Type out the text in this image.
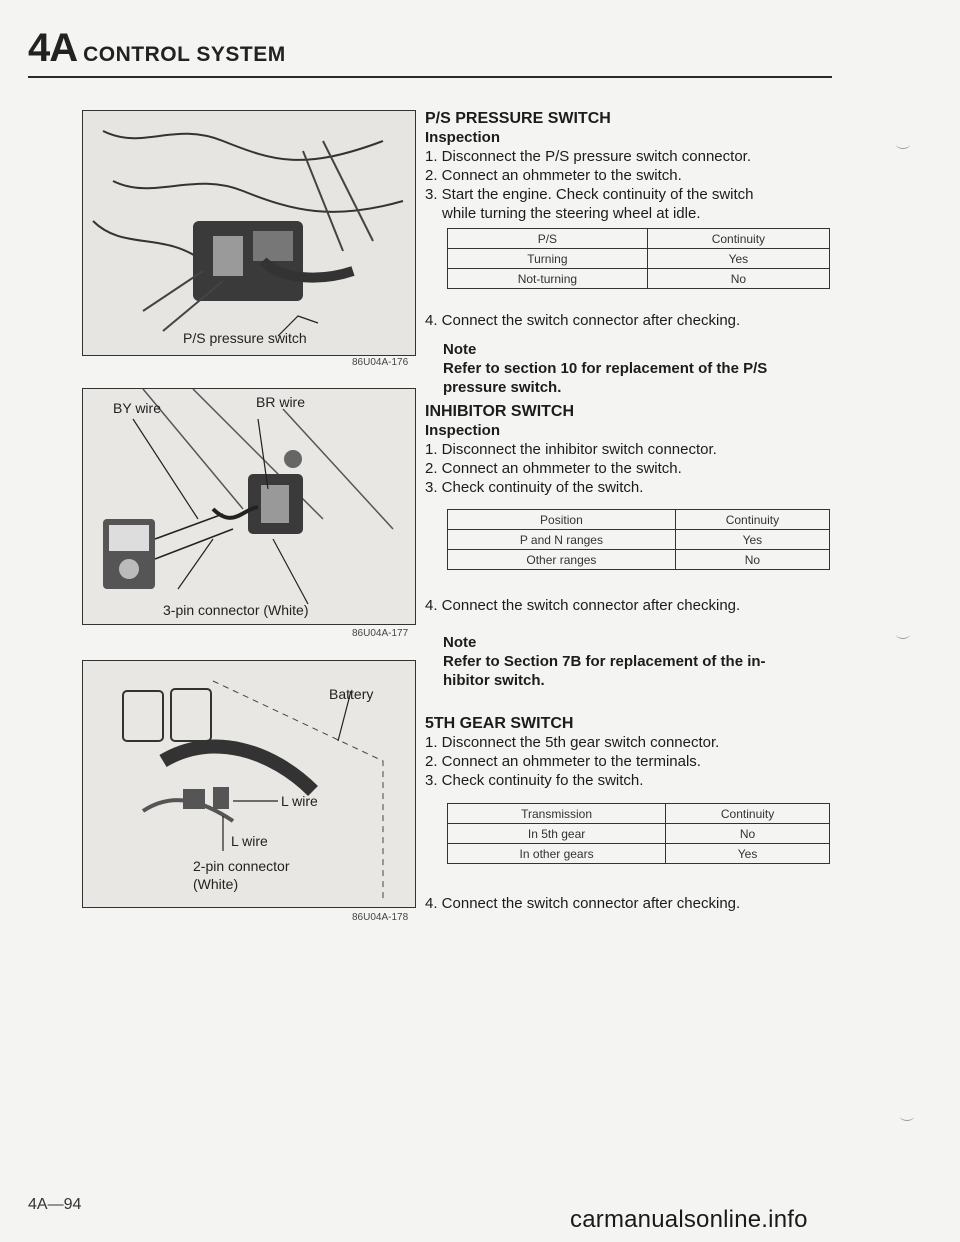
4A CONTROL SYSTEM
P/S pressure switch
86U04A-176
BY wire	BR wire
3-pin connector (White)
86U04A-177
Battery
L wire
L wire
2-pin connector
(White)
86U04A-178
P/S PRESSURE SWITCH
Inspection
1. Disconnect the P/S pressure switch connector.
2. Connect an ohmmeter to the switch.
3. Start the engine. Check continuity of the switch
while turning the steering wheel at idle.
P/S	Continuity
Turning	Yes
Not-turning	No
4. Connect the switch connector after checking.
Note
Refer to section 10 for replacement of the P/S
pressure switch.
INHIBITOR SWITCH
Inspection
1. Disconnect the inhibitor switch connector.
2. Connect an ohmmeter to the switch.
3. Check continuity of the switch.
Position	Continuity
P and N ranges	Yes
Other ranges	No
4. Connect the switch connector after checking.
Note
Refer to Section 7B for replacement of the in-
hibitor switch.
5TH GEAR SWITCH
1. Disconnect the 5th gear switch connector.
2. Connect an ohmmeter to the terminals.
3. Check continuity fo the switch.
Transmission	Continuity
In 5th gear	No
In other gears	Yes
4. Connect the switch connector after checking.
4A—94
carmanualsonline.info
